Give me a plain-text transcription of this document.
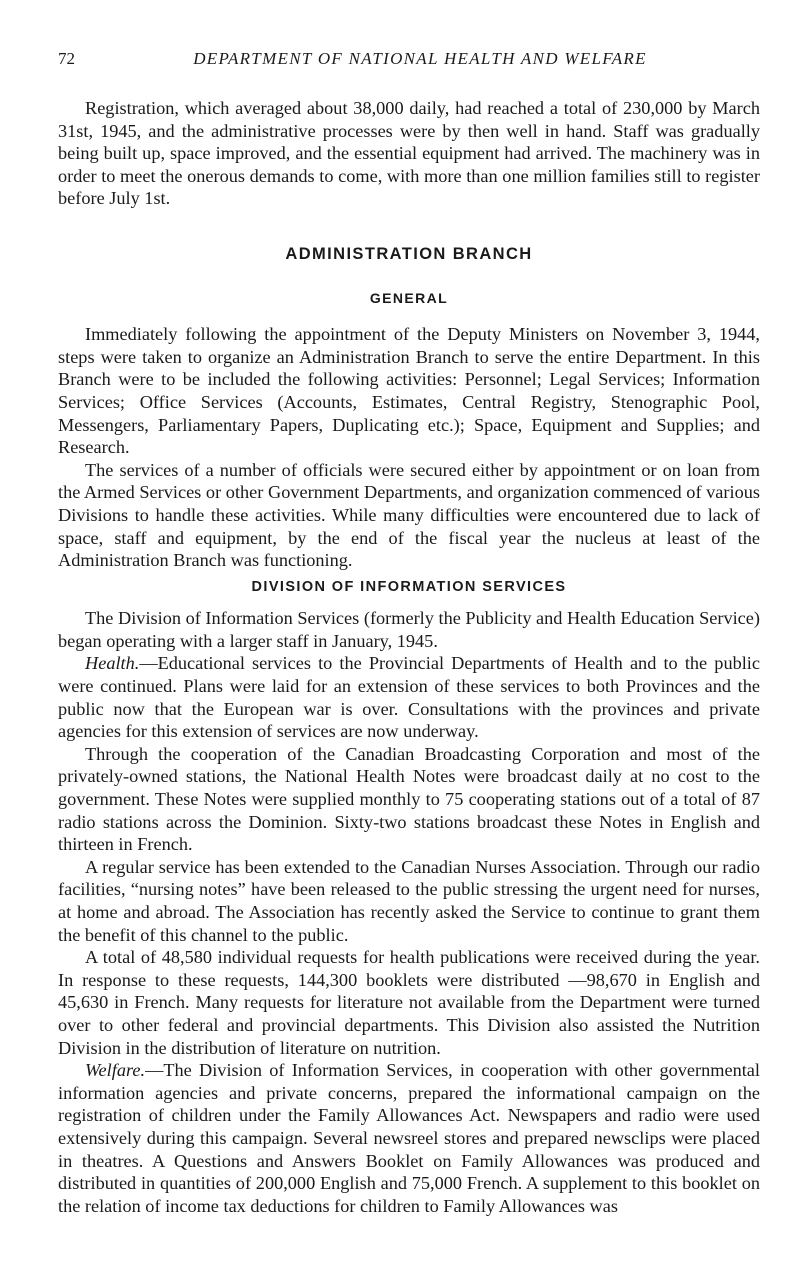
72	DEPARTMENT OF NATIONAL HEALTH AND WELFARE

Registration, which averaged about 38,000 daily, had reached a total of 230,000 by March 31st, 1945, and the administrative processes were by then well in hand. Staff was gradually being built up, space improved, and the essential equipment had arrived. The machinery was in order to meet the onerous demands to come, with more than one million families still to register before July 1st.

ADMINISTRATION BRANCH
GENERAL

Immediately following the appointment of the Deputy Ministers on November 3, 1944, steps were taken to organize an Administration Branch to serve the entire Department. In this Branch were to be included the following activities: Personnel; Legal Services; Information Services; Office Services (Accounts, Estimates, Central Registry, Stenographic Pool, Messengers, Parliamentary Papers, Duplicating etc.); Space, Equipment and Supplies; and Research.

The services of a number of officials were secured either by appointment or on loan from the Armed Services or other Government Departments, and organization commenced of various Divisions to handle these activities. While many difficulties were encountered due to lack of space, staff and equipment, by the end of the fiscal year the nucleus at least of the Administration Branch was functioning.

DIVISION OF INFORMATION SERVICES

The Division of Information Services (formerly the Publicity and Health Education Service) began operating with a larger staff in January, 1945.

Health.—Educational services to the Provincial Departments of Health and to the public were continued. Plans were laid for an extension of these services to both Provinces and the public now that the European war is over. Consultations with the provinces and private agencies for this extension of services are now underway.

Through the cooperation of the Canadian Broadcasting Corporation and most of the privately-owned stations, the National Health Notes were broadcast daily at no cost to the government. These Notes were supplied monthly to 75 cooperating stations out of a total of 87 radio stations across the Dominion. Sixty-two stations broadcast these Notes in English and thirteen in French.

A regular service has been extended to the Canadian Nurses Association. Through our radio facilities, “nursing notes” have been released to the public stressing the urgent need for nurses, at home and abroad. The Association has recently asked the Service to continue to grant them the benefit of this channel to the public.

A total of 48,580 individual requests for health publications were received during the year. In response to these requests, 144,300 booklets were distributed —98,670 in English and 45,630 in French. Many requests for literature not available from the Department were turned over to other federal and provincial departments. This Division also assisted the Nutrition Division in the distribution of literature on nutrition.

Welfare.—The Division of Information Services, in cooperation with other governmental information agencies and private concerns, prepared the informational campaign on the registration of children under the Family Allowances Act. Newspapers and radio were used extensively during this campaign. Several newsreel stores and prepared newsclips were placed in theatres. A Questions and Answers Booklet on Family Allowances was produced and distributed in quantities of 200,000 English and 75,000 French. A supplement to this booklet on the relation of income tax deductions for children to Family Allowances was
